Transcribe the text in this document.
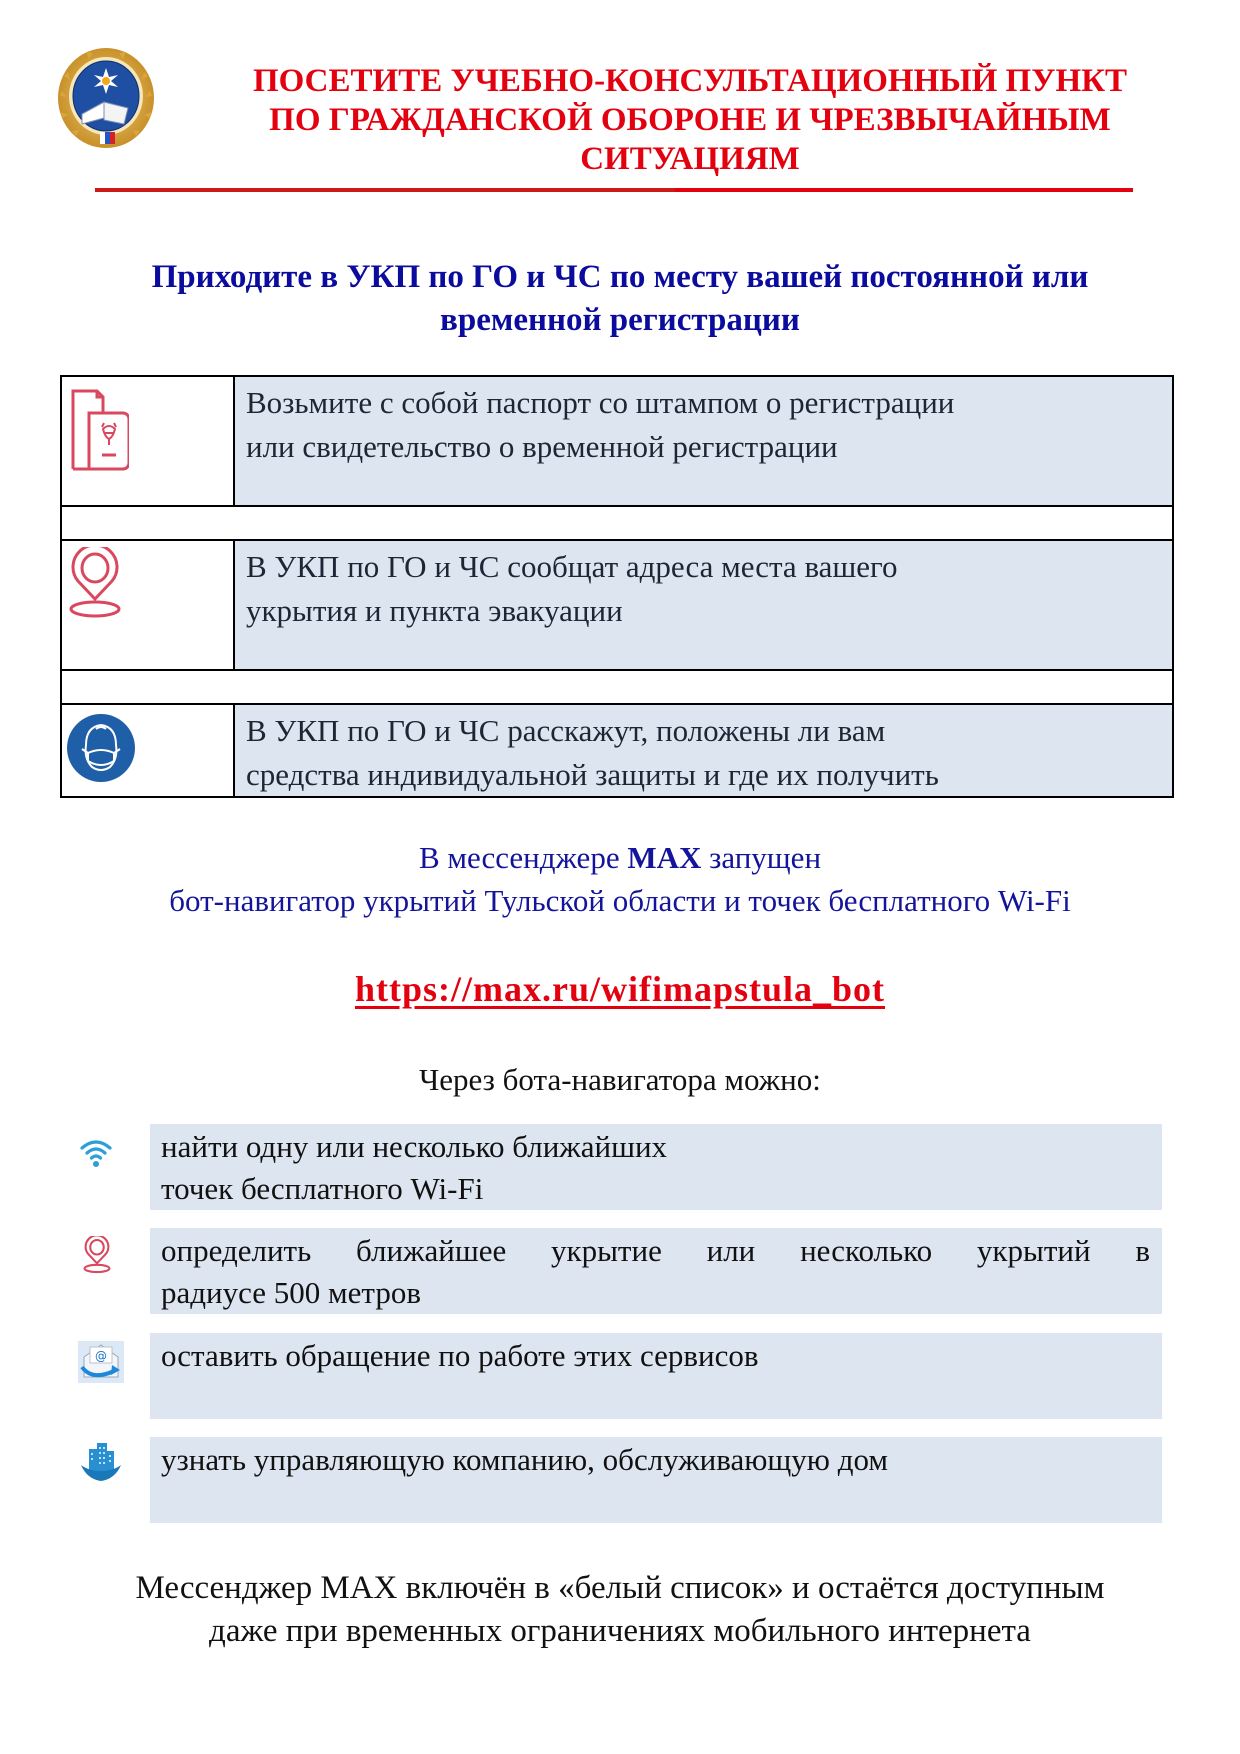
ПОСЕТИТЕ УЧЕБНО-КОНСУЛЬТАЦИОННЫЙ ПУНКТ
ПО ГРАЖДАНСКОЙ ОБОРОНЕ И ЧРЕЗВЫЧАЙНЫМ
СИТУАЦИЯМ
Приходите в УКП по ГО и ЧС по месту вашей постоянной или
временной регистрации
Возьмите с собой паспорт со штампом о регистрации
или свидетельство о временной регистрации
В УКП по ГО и ЧС сообщат адреса места вашего
укрытия и пункта эвакуации
В УКП по ГО и ЧС расскажут, положены ли вам
средства индивидуальной защиты и где их получить
В мессенджере MAX запущен
бот-навигатор укрытий Тульской области и точек бесплатного Wi-Fi
https://max.ru/wifimapstula_bot
Через бота-навигатора можно:
найти одну или несколько ближайших
точек бесплатного Wi-Fi
определить ближайшее укрытие или несколько укрытий в
радиусе 500 метров
@ оставить обращение по работе этих сервисов
узнать управляющую компанию, обслуживающую дом
Мессенджер MAX включён в «белый список» и остаётся доступным
даже при временных ограничениях мобильного интернета
